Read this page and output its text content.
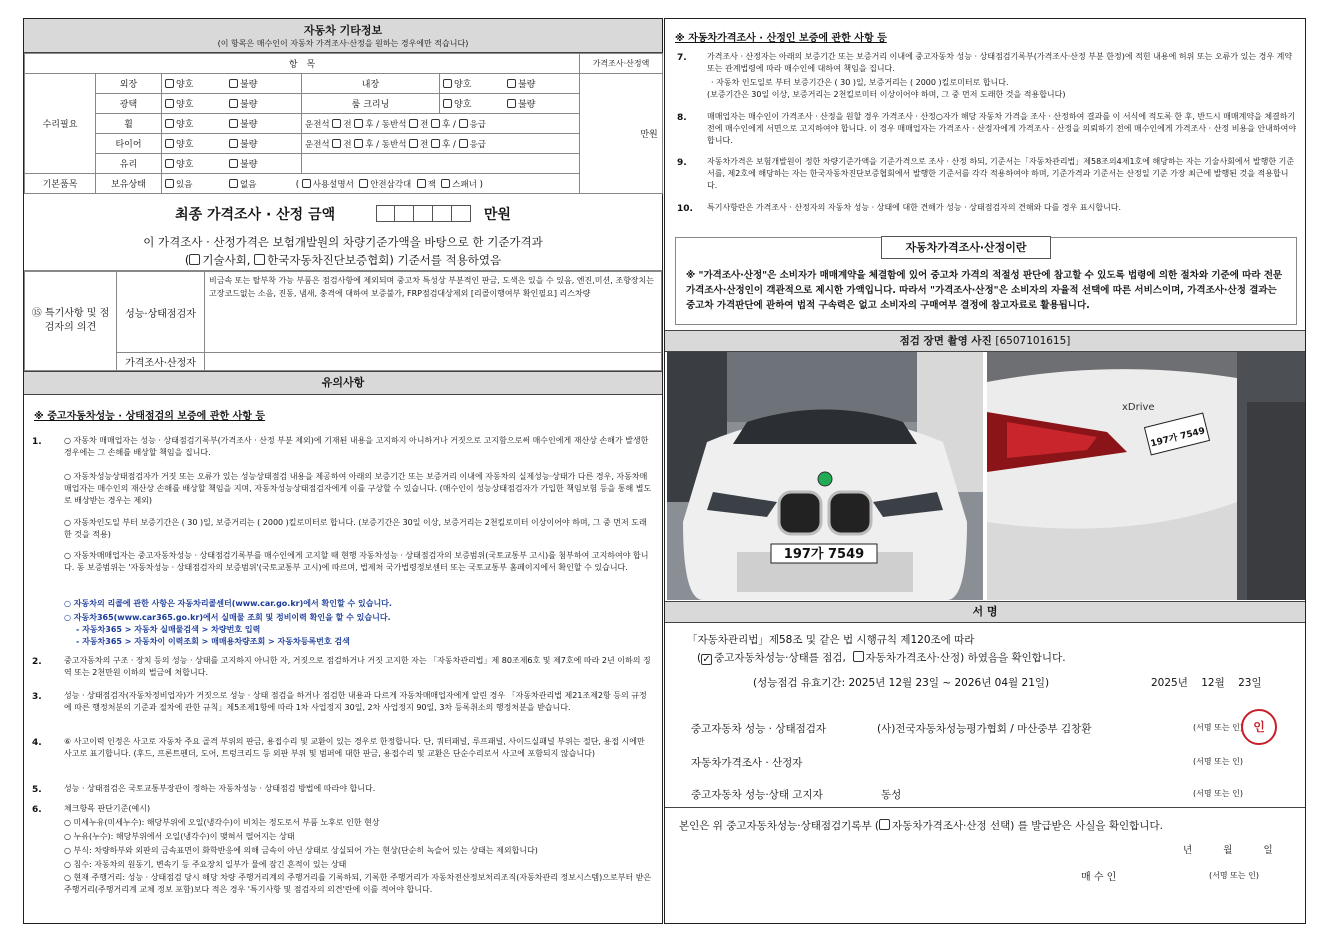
자동차 기타정보
(이 항목은 매수인이 자동차 가격조사·산정을 원하는 경우에만 적습니다)
항　목					가격조사·산정액
수리필요	외장	양호 불량	내장	양호 불량	만원
	광택	양호 불량	룸 크리닝	양호 불량	
	휠	양호 불량	운전석 전 후 / 동반석 전 후 / 응급		
	타이어	양호 불량	운전석 전 후 / 동반석 전 후 / 응급		
	유리	양호 불량			
기본품목	보유상태	있음 없음 ( 사용설명서 안전삼각대 잭 스패너 )			
최종 가격조사 · 산정 금액	만원
이 가격조사 · 산정가격은 보험개발원의 차량기준가액을 바탕으로 한 기준가격과
( 기술사회, 한국자동차진단보증협회) 기준서를 적용하였음
⑮ 특기사항 및 점검자의 의견	성능·상태점검자	비금속 또는 탈부착 가능 부품은 점검사항에 제외되며 중고차 특성상 부분적인 판금, 도색은 있을 수 있음, 엔진,미션, 조향장치는 고장코드없는 소음, 진동, 냄새, 충격에 대하여 보증불가, FRP점검대상제외 [리콜이행여부 확인필요] 리스차량
	가격조사·산정자	
유의사항
※ 중고자동차성능 · 상태점검의 보증에 관한 사항 등
1.	○ 자동차 매매업자는 성능 · 상태점검기록부(가격조사 · 산정 부분 제외)에 기재된 내용을 고지하지 아니하거나 거짓으로 고지함으로써 매수인에게 재산상 손해가 발생한 경우에는 그 손해를 배상할 책임을 집니다.
○ 자동차성능상태점검자가 거짓 또는 오류가 있는 성능상태점검 내용을 제공하여 아래의 보증기간 또는 보증거리 이내에 자동차의 실제성능·상태가 다른 경우, 자동차매매업자는 매수인의 재산상 손해를 배상할 책임을 지며, 자동차성능상태점검자에게 이를 구상할 수 있습니다. (매수인이 성능상태점검자가 가입한 책임보험 등을 통해 별도로 배상받는 경우는 제외)
○ 자동차인도일 부터 보증기간은 ( 30 )일, 보증거리는 ( 2000 )킬로미터로 합니다. (보증기간은 30일 이상, 보증거리는 2천킬로미터 이상이어야 하며, 그 중 먼저 도래한 것을 적용)
○ 자동차매매업자는 중고자동차성능 · 상태점검기록부를 매수인에게 고지할 때 현행 자동차성능 · 상태점검자의 보증범위(국토교통부 고시)를 첨부하여 고지하여야 합니다. 동 보증범위는 '자동차성능 · 상태점검자의 보증범위'(국토교통부 고시)에 따르며, 법제처 국가법령정보센터 또는 국토교통부 홈페이지에서 확인할 수 있습니다.
○ 자동차의 리콜에 관한 사항은 자동차리콜센터(www.car.go.kr)에서 확인할 수 있습니다.
○ 자동차365(www.car365.go.kr)에서 실매물 조회 및 정비이력 확인을 할 수 있습니다.
- 자동차365 > 자동차 실매물검색 > 차량번호 입력
- 자동차365 > 자동차이 이력조회 > 매매용차량조회 > 자동차등록번호 검색
2.	중고자동차의 구조 · 장치 등의 성능 · 상태를 고지하지 아니한 자, 거짓으로 점검하거나 거짓 고지한 자는 「자동차관리법」제 80조제6호 및 제7호에 따라 2년 이하의 징역 또는 2천만원 이하의 벌금에 처합니다.
3.	성능 · 상태점검자(자동차정비업자)가 거짓으로 성능 · 상태 점검을 하거나 점검한 내용과 다르게 자동차매매업자에게 알린 경우 「자동차관리법 제21조제2항 등의 규정에 따른 행정처분의 기준과 절차에 관한 규칙」제5조제1항에 따라 1차 사업정지 30일, 2차 사업정지 90일, 3차 등록취소의 행정처분을 받습니다.
4.	⑥ 사고이력 인정은 사고로 자동차 주요 골격 부위의 판금, 용접수리 및 교환이 있는 경우로 한정합니다. 단, 쿼터패널, 루프패널, 사이드실패널 부위는 절단, 용접 시에만 사고로 표기합니다. (후드, 프론트펜더, 도어, 트렁크리드 등 외판 부위 및 범퍼에 대한 판금, 용접수리 및 교환은 단순수리로서 사고에 포함되지 않습니다)
5.	성능 · 상태점검은 국토교통부장관이 정하는 자동차성능 · 상태점검 방법에 따라야 합니다.
6.	체크항목 판단기준(예시)
○ 미세누유(미세누수): 해당부위에 오일(냉각수)이 비치는 정도로서 부품 노후로 인한 현상
○ 누유(누수): 해당부위에서 오일(냉각수)이 맺혀서 떨어지는 상태
○ 부식: 차량하부와 외판의 금속표면이 화학반응에 의해 금속이 아닌 상태로 상실되어 가는 현상(단순히 녹슬어 있는 상태는 제외합니다)
○ 침수: 자동차의 원동기, 변속기 등 주요장치 일부가 물에 잠긴 흔적이 있는 상태
○ 현재 주행거리: 성능 · 상태점검 당시 해당 차량 주행거리계의 주행거리를 기록하되, 기록한 주행거리가 자동차전산정보처리조직(자동차관리 정보시스템)으로부터 받은 주행거리(주행거리계 교체 정보 포함)보다 적은 경우 '특기사항 및 점검자의 의견'란에 이를 적어야 합니다.
※ 자동차가격조사 · 산정인 보증에 관한 사항 등
7.	가격조사 · 산정자는 아래의 보증기간 또는 보증거리 이내에 중고자동차 성능 · 상태점검기록부(가격조사·산정 부분 한정)에 적힌 내용에 허위 또는 오류가 있는 경우 계약 또는 관계법령에 따라 매수인에 대하여 책임을 집니다.
· 자동차 인도일로 부터 보증기간은 ( 30 )일, 보증거리는 ( 2000 )킬로미터로 합니다.
(보증기간은 30일 이상, 보증거리는 2천킬로미터 이상이어야 하며, 그 중 먼저 도래한 것을 적용합니다)
8.	매매업자는 매수인이 가격조사 · 산정을 원할 경우 가격조사 · 산정○자가 해당 자동차 가격을 조사 · 산정하여 결과를 이 서식에 적도록 한 후, 반드시 매매계약을 체결하기 전에 매수인에게 서면으로 고지하여야 합니다. 이 경우 매매업자는 가격조사 · 산정자에게 가격조사 · 산정을 의뢰하기 전에 매수인에게 가격조사 · 산정 비용을 안내하여야 합니다.
9.	자동차가격은 보험개발원이 정한 차량기준가액을 기준가격으로 조사 · 산정 하되, 기준서는「자동차관리법」제58조의4제1호에 해당하는 자는 기술사회에서 발행한 기준서를, 제2호에 해당하는 자는 한국자동차진단보증협회에서 발행한 기준서를 각각 적용하여야 하며, 기준가격과 기준서는 산정일 기준 가장 최근에 발행된 것을 적용합니다.
10. 특기사항란은 가격조사 · 산정자의 자동차 성능 · 상태에 대한 견해가 성능 · 상태점검자의 견해와 다를 경우 표시합니다.
자동차가격조사·산정이란
※ "가격조사·산정"은 소비자가 매매계약을 체결함에 있어 중고차 가격의 적절성 판단에 참고할 수 있도록 법령에 의한 절차와 기준에 따라 전문 가격조사·산정인이 객관적으로 제시한 가액입니다. 따라서 "가격조사·산정"은 소비자의 자율적 선택에 따른 서비스이며, 가격조사·산정 결과는 중고차 가격판단에 관하여 법적 구속력은 없고 소비자의 구매여부 결정에 참고자료로 활용됩니다.
점검 장면 촬영 사진 [6507101615]
197가 7549
xDrive
197가 7549
서 명
「자동차관리법」제58조 및 같은 법 시행규칙 제120조에 따라
(✓ 중고자동차성능·상태를 점검, 자동차가격조사·산정) 하였음을 확인합니다.
(성능점검 유효기간: 2025년 12월 23일 ~ 2026년 04월 21일)	2025년 12월 23일
중고자동차 성능 · 상태점검자	(사)전국자동차성능평가협회 / 마산중부 김창환	(서명 또는 인) 인
자동차가격조사 · 산정자	(서명 또는 인)
중고자동차 성능·상태 고지자	동성	(서명 또는 인)
본인은 위 중고자동차성능·상태점검기록부 ( 자동차가격조사·산정 선택) 를 발급받은 사실을 확인합니다.
년	월	일
매 수 인	(서명 또는 인)
